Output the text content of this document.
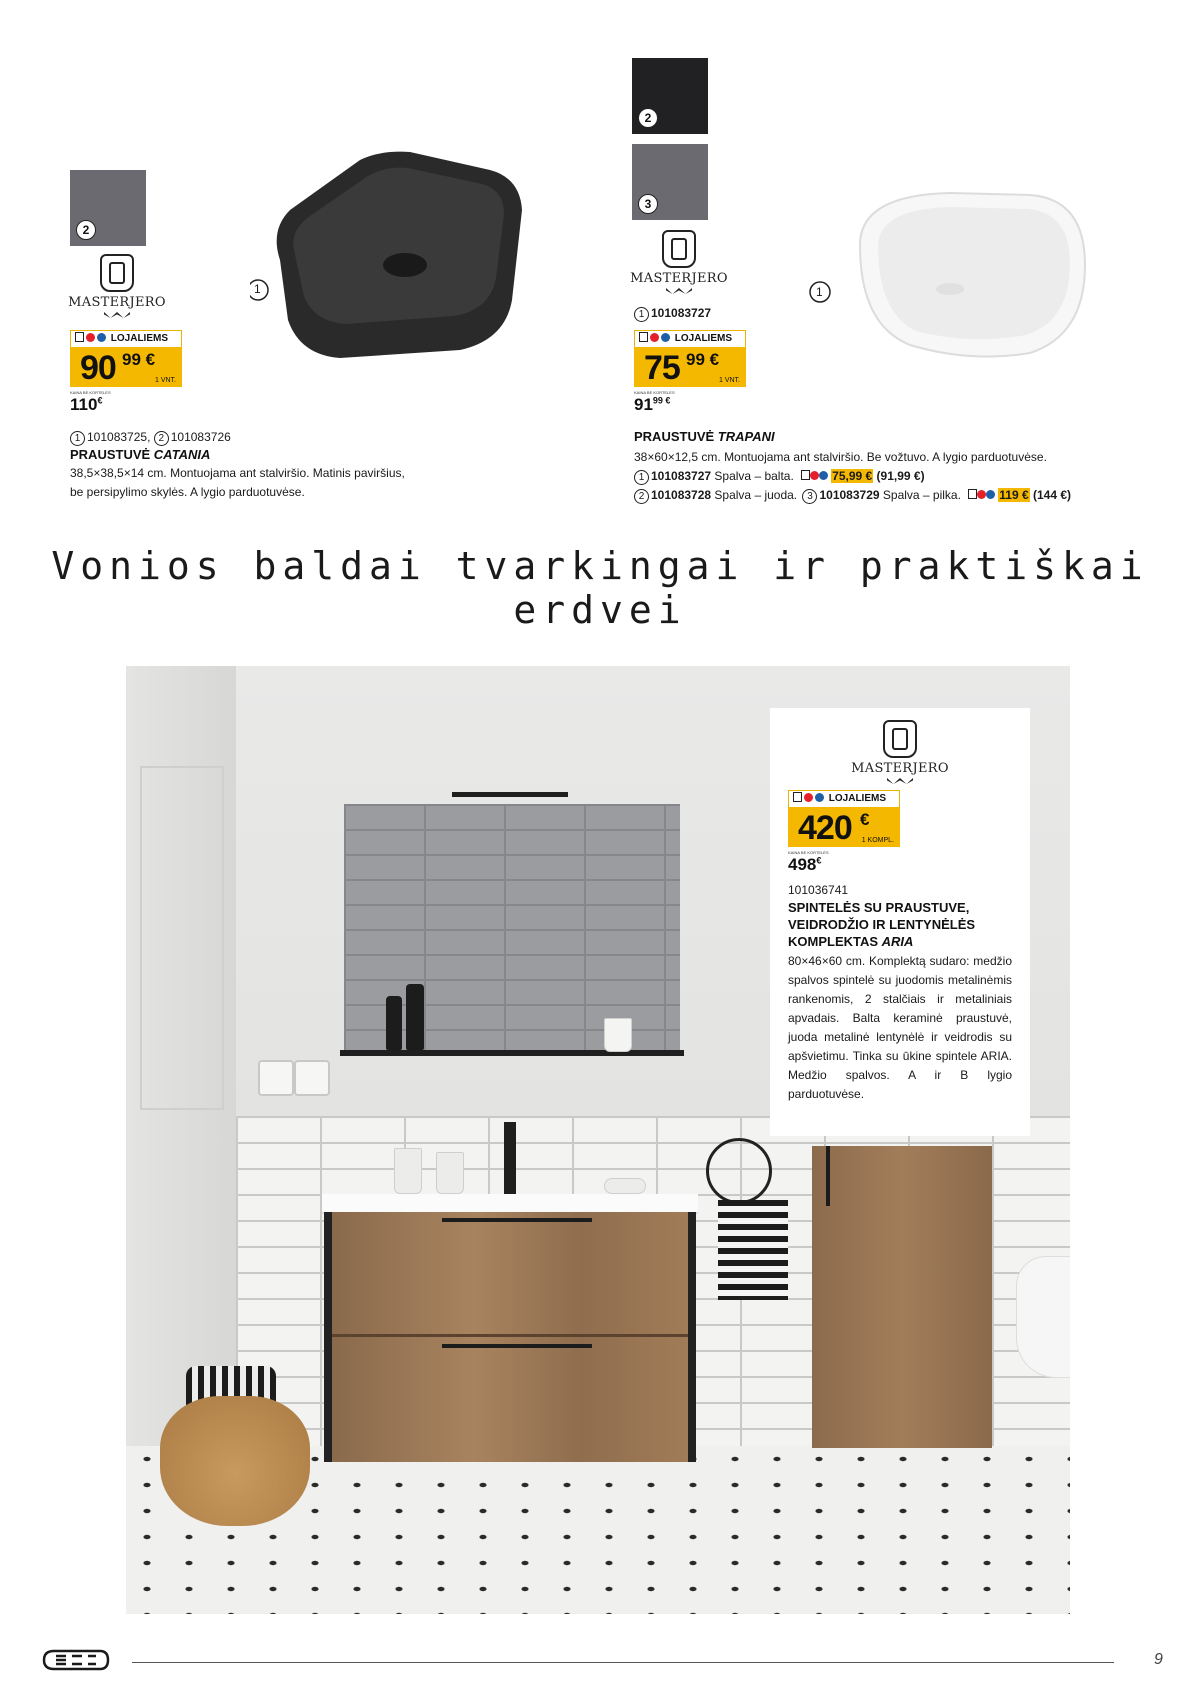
2
1
MASTERJERO
LOJALIEMS
90 99 €
1 VNT.
KAINA BE KORTELĖS
110€
1 101083725, 2 101083726
PRAUSTUVĖ CATANIA
38,5×38,5×14 cm. Montuojama ant stalviršio. Matinis paviršius,
be persipylimo skylės. A lygio parduotuvėse.
2
3
1
MASTERJERO
1 101083727
LOJALIEMS
75 99 €
1 VNT.
KAINA BE KORTELĖS
$91^{99 €}$
PRAUSTUVĖ TRAPANI
38×60×12,5 cm. Montuojama ant stalviršio. Be vožtuvo. A lygio parduotuvėse.
1 101083727 Spalva – balta.	75,99 € (91,99 €)
2 101083728 Spalva – juoda. 3 101083729 Spalva – pilka.	119 € (144 €)
Vonios baldai tvarkingai ir praktiškai erdvei
MASTERJERO
LOJALIEMS
420 €
1 KOMPL.
KAINA BE KORTELĖS
498€
101036741
SPINTELĖS SU PRAUSTUVE,
VEIDRODŽIO IR LENTYNĖLĖS
KOMPLEKTAS ARIA
80×46×60 cm. Komplektą sudaro: medžio spalvos spintelė su juodomis metalinėmis rankenomis, 2 stalčiais ir metaliniais apvadais. Balta keraminė praustuvė, juoda metalinė lentynėlė ir veidrodis su apšvietimu. Tinka su ūkine spintele ARIA. Medžio spalvos. A ir B lygio parduotuvėse.
9
